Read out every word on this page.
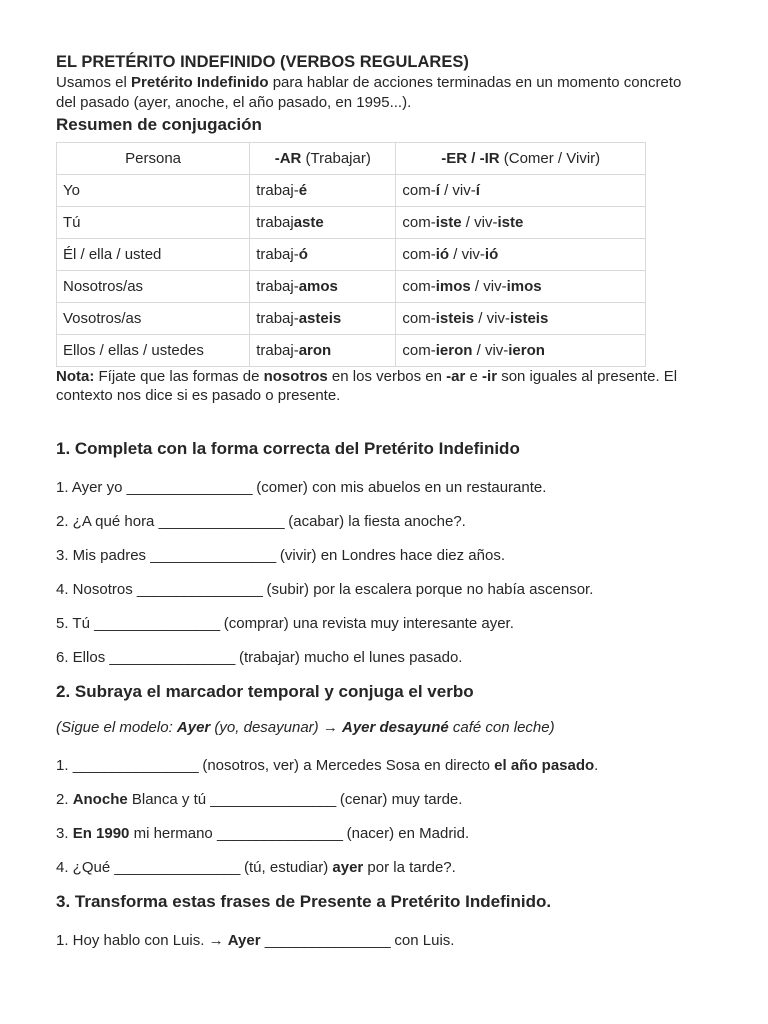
EL PRETÉRITO INDEFINIDO (VERBOS REGULARES)

Usamos el Pretérito Indefinido para hablar de acciones terminadas en un momento concreto
del pasado (ayer, anoche, el año pasado, en 1995...).

Resumen de conjugación
Persona	-AR (Trabajar)	-ER / -IR (Comer / Vivir)
Yo	trabaj-é	com-í / viv-í
Tú	trabajaste	com-iste / viv-iste
Él / ella / usted	trabaj-ó	com-ió / viv-ió
Nosotros/as	trabaj-amos	com-imos / viv-imos
Vosotros/as	trabaj-asteis	com-isteis / viv-isteis
Ellos / ellas / ustedes	trabaj-aron	com-ieron / viv-ieron

Nota: Fíjate que las formas de nosotros en los verbos en -ar e -ir son iguales al presente. El
contexto nos dice si es pasado o presente.

1. Completa con la forma correcta del Pretérito Indefinido

1. Ayer yo ________________ (comer) con mis abuelos en un restaurante.

2. ¿A qué hora ________________ (acabar) la fiesta anoche?.

3. Mis padres ________________ (vivir) en Londres hace diez años.

4. Nosotros ________________ (subir) por la escalera porque no había ascensor.

5. Tú ________________ (comprar) una revista muy interesante ayer.

6. Ellos ________________ (trabajar) mucho el lunes pasado.

2. Subraya el marcador temporal y conjuga el verbo

(Sigue el modelo: Ayer (yo, desayunar) → Ayer desayuné café con leche)

1. ________________ (nosotros, ver) a Mercedes Sosa en directo el año pasado.

2. Anoche Blanca y tú ________________ (cenar) muy tarde.

3. En 1990 mi hermano ________________ (nacer) en Madrid.

4. ¿Qué ________________ (tú, estudiar) ayer por la tarde?.

3. Transforma estas frases de Presente a Pretérito Indefinido.

1. Hoy hablo con Luis. → Ayer ________________ con Luis.
